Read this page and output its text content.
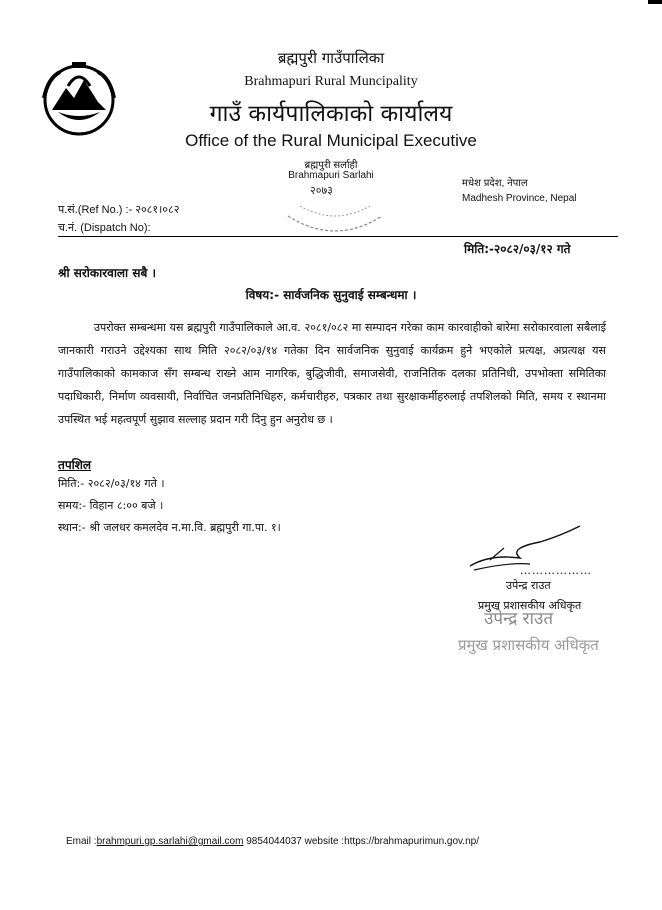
ब्रह्मपुरी गाउँपालिका
Brahmapuri Rural Muncipality
गाउँ कार्यपालिकाको कार्यालय
Office of the Rural Municipal Executive
ब्रह्मपुरी सर्लाही
Brahmapuri Sarlahi
२०७३
मधेश प्रदेश, नेपाल
Madhesh Province, Nepal
प.सं.(Ref No.) :- २०८१।०८२
च.नं. (Dispatch No):
मिति:-२०८२/०३/१२ गते
श्री सरोकारवाला सबै ।
विषय:- सार्वजनिक सुनुवाई सम्बन्धमा ।
उपरोक्त सम्बन्धमा यस ब्रह्मपुरी गाउँपालिकाले आ.व. २०८१/०८२ मा सम्पादन गरेका काम कारवाहीको बारेमा सरोकारवाला सबैलाई जानकारी गराउने उद्देश्यका साथ मिति २०८२/०३/१४ गतेका दिन सार्वजनिक सुनुवाई कार्यक्रम हुने भएकोले प्रत्यक्ष, अप्रत्यक्ष यस गाउँपालिकाको कामकाज सँग सम्बन्ध राख्ने आम नागरिक, बुद्धिजीवी, समाजसेवी, राजनितिक दलका प्रतिनिधी, उपभोक्ता समितिका पदाधिकारी, निर्माण व्यवसायी, निर्वाचित जनप्रतिनिधिहरु, कर्मचारीहरु, पत्रकार तथा सुरक्षाकर्मीहरुलाई तपशिलको मिति, समय र स्थानमा उपस्थित भई महत्वपूर्ण सुझाव सल्लाह प्रदान गरी दिनु हुन अनुरोध छ ।
तपशिल
मिति:- २०८२/०३/१४ गते ।
समय:- विहान ८:०० बजे ।
स्थान:- श्री जलधर कमलदेव न.मा.वि. ब्रह्मपुरी गा.पा. १।
………………
उपेन्द्र राउत
प्रमुख प्रशासकीय अधिकृत
उपेन्द्र राउत
प्रमुख प्रशासकीय अधिकृत
Email :brahmpuri.gp.sarlahi@gmail.com 9854044037 website :https://brahmapurimun.gov.np/
